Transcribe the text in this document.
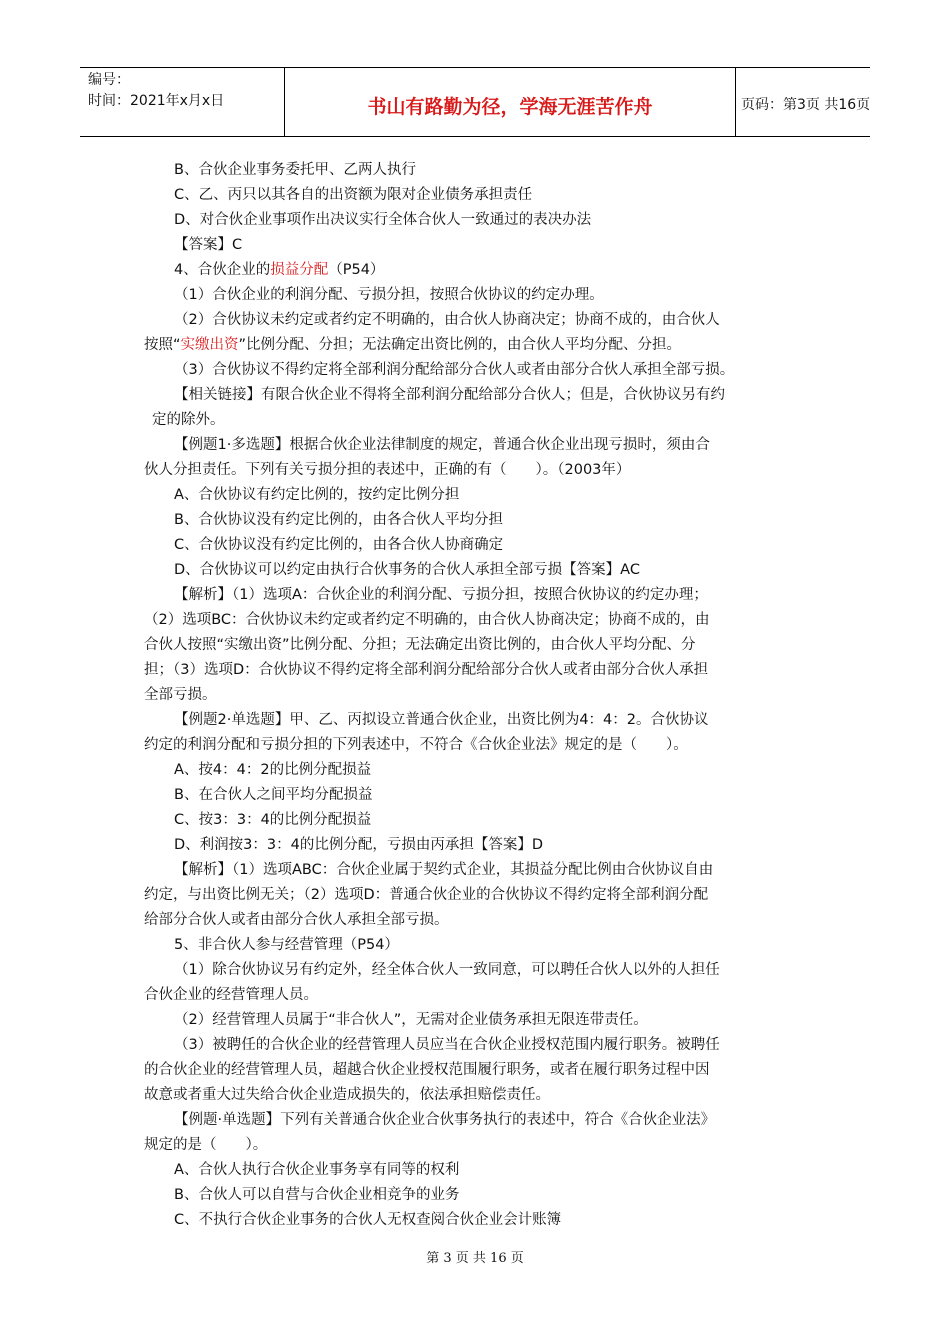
编号：
时间：2021年x月x日	书山有路勤为径，学海无涯苦作舟	页码：第3页 共16页
B、合伙企业事务委托甲、乙两人执行
C、乙、丙只以其各自的出资额为限对企业债务承担责任
D、对合伙企业事项作出决议实行全体合伙人一致通过的表决办法
【答案】C
4、合伙企业的损益分配（P54）
（1）合伙企业的利润分配、亏损分担，按照合伙协议的约定办理。
（2）合伙协议未约定或者约定不明确的，由合伙人协商决定；协商不成的，由合伙人
按照“实缴出资”比例分配、分担；无法确定出资比例的，由合伙人平均分配、分担。
（3）合伙协议不得约定将全部利润分配给部分合伙人或者由部分合伙人承担全部亏损。
【相关链接】有限合伙企业不得将全部利润分配给部分合伙人；但是，合伙协议另有约
定的除外。
【例题1·多选题】根据合伙企业法律制度的规定，普通合伙企业出现亏损时，须由合
伙人分担责任。下列有关亏损分担的表述中，正确的有（　　）。（2003年）
A、合伙协议有约定比例的，按约定比例分担
B、合伙协议没有约定比例的，由各合伙人平均分担
C、合伙协议没有约定比例的，由各合伙人协商确定
D、合伙协议可以约定由执行合伙事务的合伙人承担全部亏损【答案】AC
【解析】（1）选项A：合伙企业的利润分配、亏损分担，按照合伙协议的约定办理；
（2）选项BC：合伙协议未约定或者约定不明确的，由合伙人协商决定；协商不成的，由
合伙人按照“实缴出资”比例分配、分担；无法确定出资比例的，由合伙人平均分配、分
担；（3）选项D：合伙协议不得约定将全部利润分配给部分合伙人或者由部分合伙人承担
全部亏损。
【例题2·单选题】甲、乙、丙拟设立普通合伙企业，出资比例为4：4：2。合伙协议
约定的利润分配和亏损分担的下列表述中，不符合《合伙企业法》规定的是（　　）。
A、按4：4：2的比例分配损益
B、在合伙人之间平均分配损益
C、按3：3：4的比例分配损益
D、利润按3：3：4的比例分配，亏损由丙承担【答案】D
【解析】（1）选项ABC：合伙企业属于契约式企业，其损益分配比例由合伙协议自由
约定，与出资比例无关；（2）选项D：普通合伙企业的合伙协议不得约定将全部利润分配
给部分合伙人或者由部分合伙人承担全部亏损。
5、非合伙人参与经营管理（P54）
（1）除合伙协议另有约定外，经全体合伙人一致同意，可以聘任合伙人以外的人担任
合伙企业的经营管理人员。
（2）经营管理人员属于“非合伙人”，无需对企业债务承担无限连带责任。
（3）被聘任的合伙企业的经营管理人员应当在合伙企业授权范围内履行职务。被聘任
的合伙企业的经营管理人员，超越合伙企业授权范围履行职务，或者在履行职务过程中因
故意或者重大过失给合伙企业造成损失的，依法承担赔偿责任。
【例题·单选题】下列有关普通合伙企业合伙事务执行的表述中，符合《合伙企业法》
规定的是（　　）。
A、合伙人执行合伙企业事务享有同等的权利
B、合伙人可以自营与合伙企业相竞争的业务
C、不执行合伙企业事务的合伙人无权查阅合伙企业会计账簿
第 3 页 共 16 页
